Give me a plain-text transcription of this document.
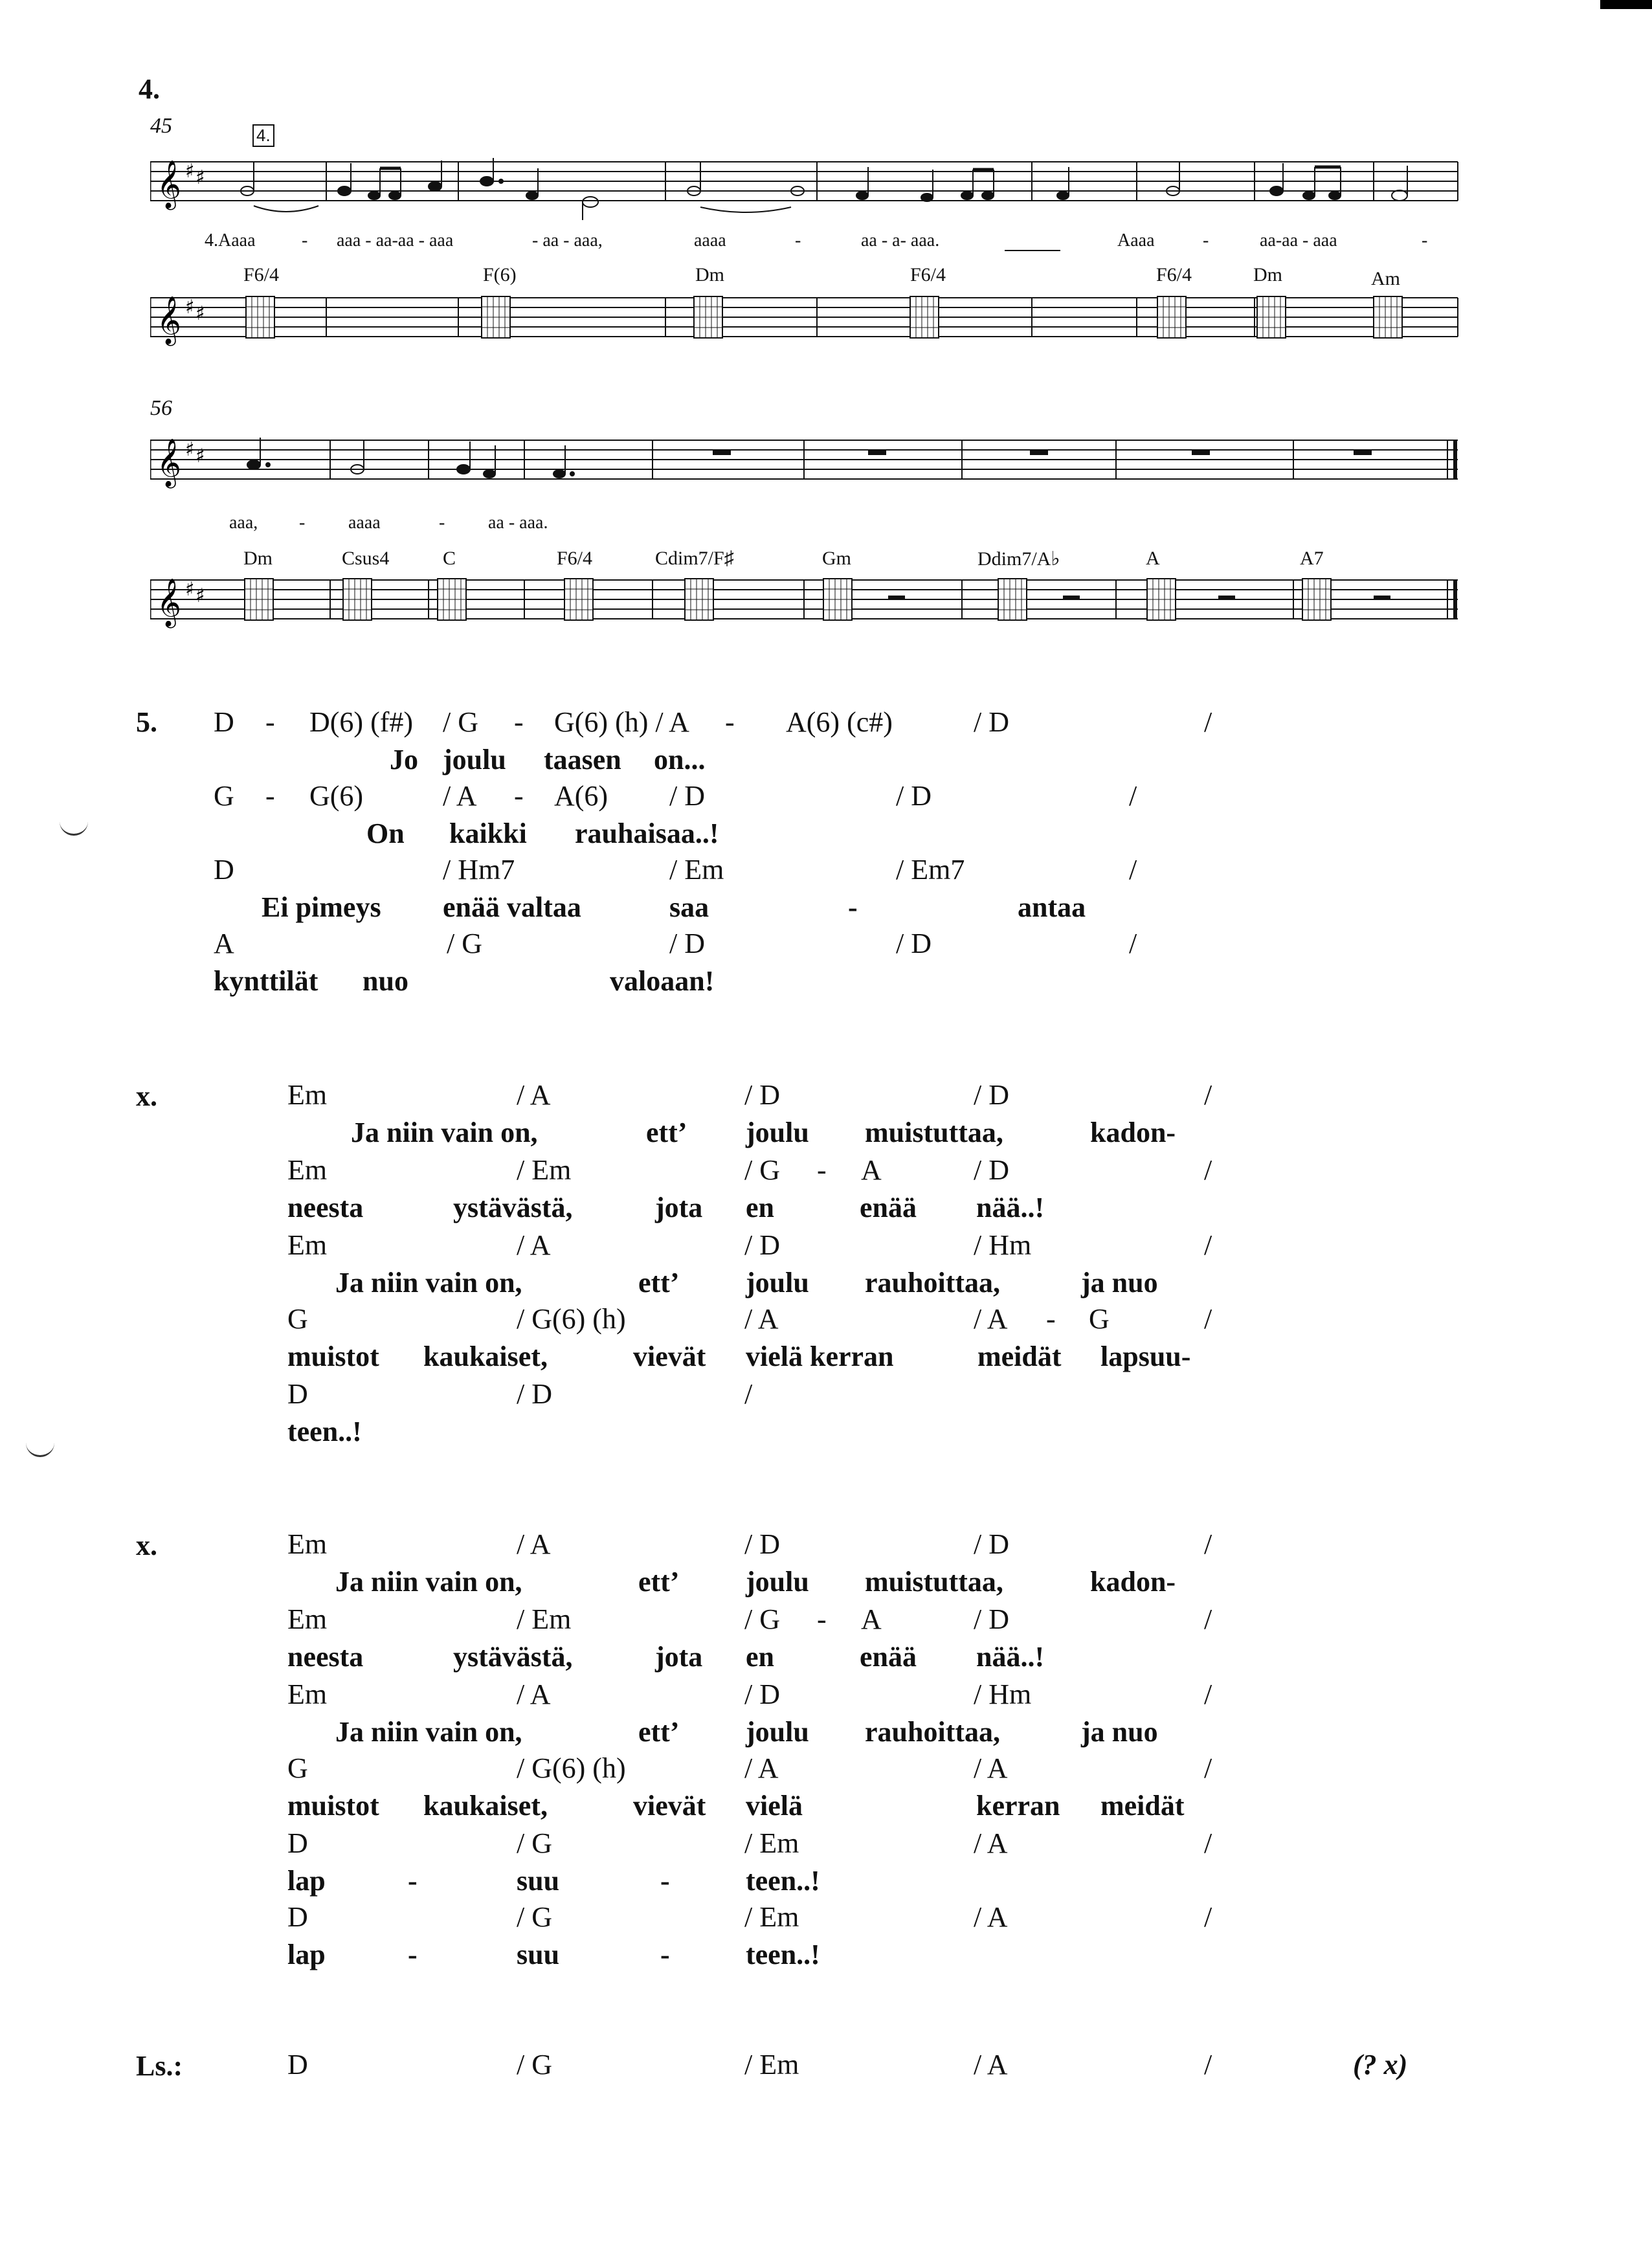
4.
45	4.
𝄞 ♯ ♯
4.Aaaa	- aaa - aa-aa - aaa	- aa - aaa,	aaaa	-	aa - a- aaa.	Aaaa	-	aa-aa - aaa	-
F6/4	F(6)	Dm	F6/4	F6/4	Dm	Am
𝄞 ♯ ♯
56
𝄞 ♯ ♯
aaa, - aaaa	- aa - aaa.
Dm	Csus4	C	F6/4	Cdim7/F♯	Gm	Ddim7/A♭	A	A7
𝄞 ♯ ♯
5. D - D(6) (f#) / G - G(6) (h) / A - A(6) (c#)	/ D	/
Jo joulu taasen on...
G - G(6)	/ A - A(6) / D	/ D	/
On kaikki rauhaisaa..!
D	/ Hm7	/ Em	/ Em7	/
Ei pimeys enää valtaa	saa	-	antaa
A	/ G	/ D	/ D	/
kynttilät nuo	valoaan!
x.	Em	/ A	/ D	/ D	/
Ja niin vain on,	ett’ joulu muistuttaa,	kadon-
Em	/ Em	/ G - A	/ D	/
neesta	ystävästä,	jota en	enää nää..!
Em	/ A	/ D	/ Hm	/
Ja niin vain on,	ett’ joulu rauhoittaa,	ja nuo
G	/ G(6) (h)	/ A	/ A - G	/
muistot kaukaiset,	vievät vielä kerran	meidät lapsuu-
D	/ D	/
teen..!
x.	Em	/ A	/ D	/ D	/
Ja niin vain on,	ett’ joulu muistuttaa,	kadon-
Em	/ Em	/ G - A	/ D	/
neesta	ystävästä,	jota en	enää nää..!
Em	/ A	/ D	/ Hm	/
Ja niin vain on,	ett’ joulu rauhoittaa,	ja nuo
G	/ G(6) (h)	/ A	/ A	/
muistot kaukaiset,	vievät vielä	kerran meidät
D	/ G	/ Em	/ A	/
lap	-	suu	-	teen..!
D	/ G	/ Em	/ A	/
lap	-	suu	-	teen..!
Ls.:	D	/ G	/ Em	/ A	/	(? x)
